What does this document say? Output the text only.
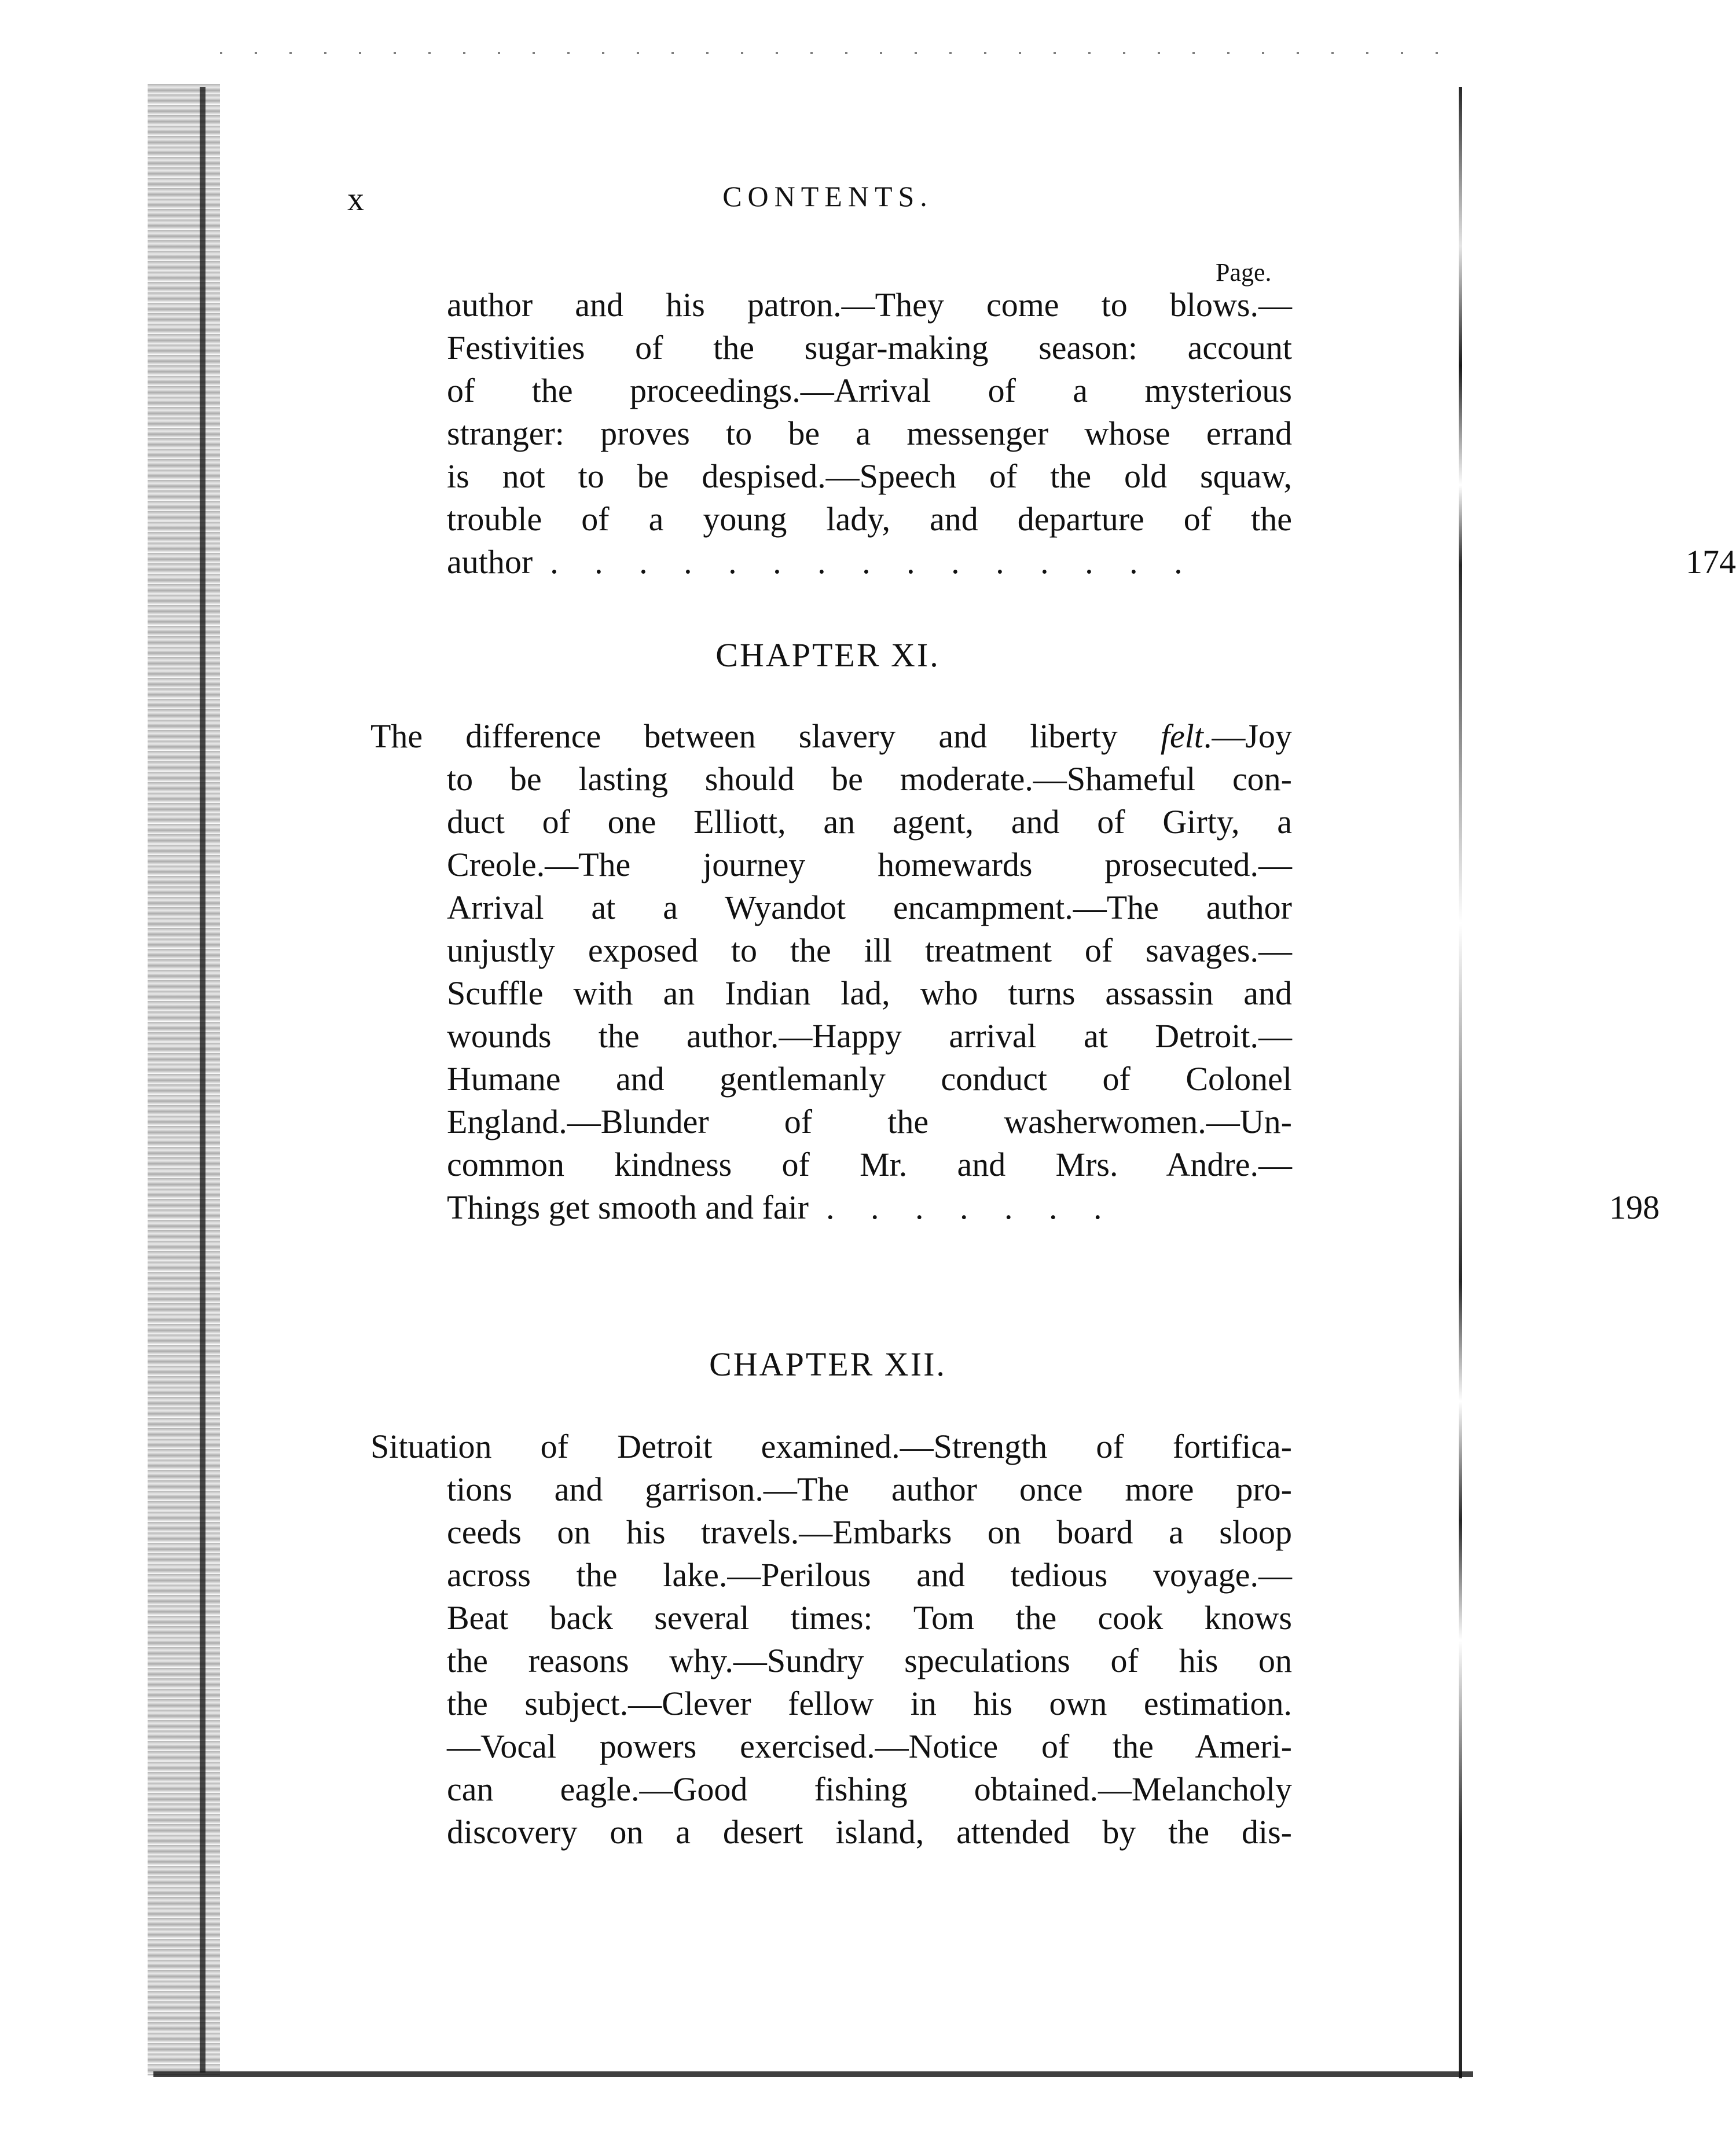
x	CONTENTS.
Page.
author and his patron.—They come to blows.—
Festivities of the sugar-making season: account
of the proceedings.—Arrival of a mysterious
stranger: proves to be a messenger whose errand
is not to be despised.—Speech of the old squaw,
trouble of a young lady, and departure of the
author . . . . . . . . . . . . . . .	174
CHAPTER XI.
The difference between slavery and liberty felt.—Joy
to be lasting should be moderate.—Shameful con-
duct of one Elliott, an agent, and of Girty, a
Creole.—The journey homewards prosecuted.—
Arrival at a Wyandot encampment.—The author
unjustly exposed to the ill treatment of savages.—
Scuffle with an Indian lad, who turns assassin and
wounds the author.—Happy arrival at Detroit.—
Humane and gentlemanly conduct of Colonel
England.—Blunder of the washerwomen.—Un-
common kindness of Mr. and Mrs. Andre.—
Things get smooth and fair . . . . . . .	198
CHAPTER XII.
Situation of Detroit examined.—Strength of fortifica-
tions and garrison.—The author once more pro-
ceeds on his travels.—Embarks on board a sloop
across the lake.—Perilous and tedious voyage.—
Beat back several times: Tom the cook knows
the reasons why.—Sundry speculations of his on
the subject.—Clever fellow in his own estimation.
—Vocal powers exercised.—Notice of the Ameri-
can eagle.—Good fishing obtained.—Melancholy
discovery on a desert island, attended by the dis-
